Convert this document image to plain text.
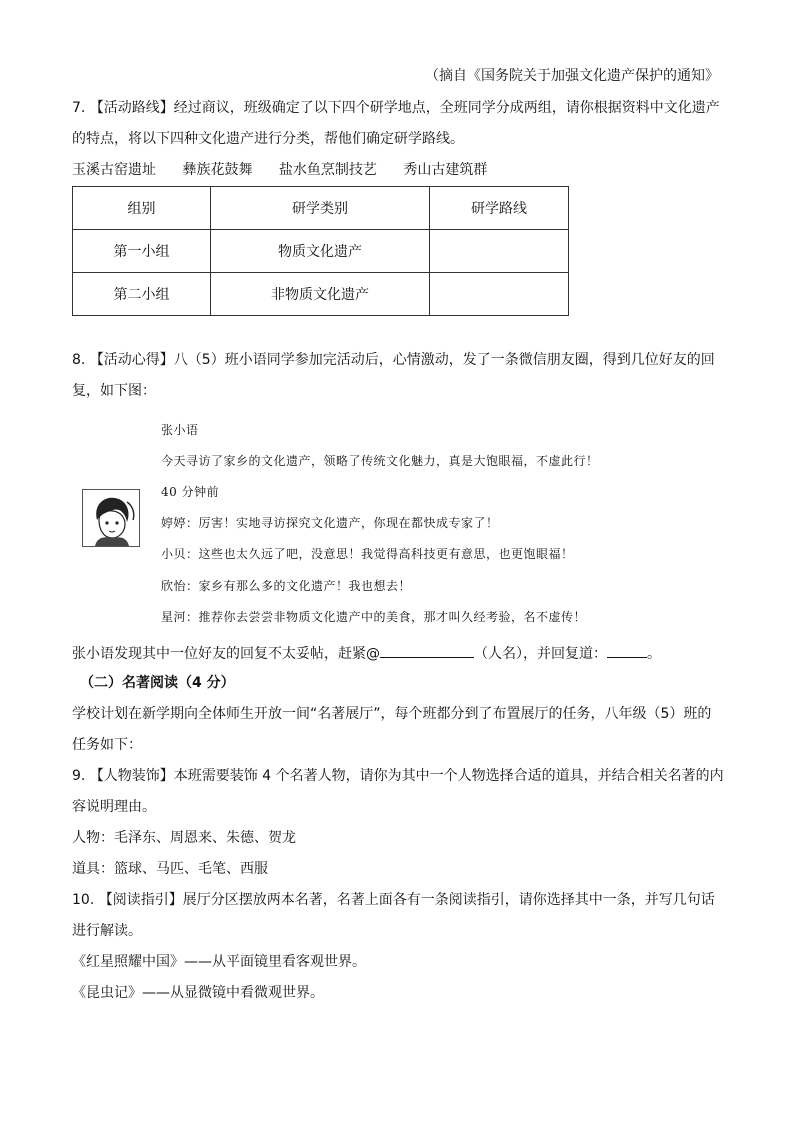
（摘自《国务院关于加强文化遗产保护的通知》
7. 【活动路线】经过商议，班级确定了以下四个研学地点，全班同学分成两组，请你根据资料中文化遗产
的特点，将以下四种文化遗产进行分类，帮他们确定研学路线。
玉溪古窑遗址 彝族花鼓舞 盐水鱼烹制技艺 秀山古建筑群
组别	研学类别	研学路线
第一小组	物质文化遗产	
第二小组	非物质文化遗产	
8. 【活动心得】八（5）班小语同学参加完活动后，心情激动，发了一条微信朋友圈，得到几位好友的回
复，如下图：
张小语
今天寻访了家乡的文化遗产，领略了传统文化魅力，真是大饱眼福，不虚此行！
40 分钟前
婷婷：厉害！实地寻访探究文化遗产，你现在都快成专家了！
小贝：这些也太久远了吧，没意思！我觉得高科技更有意思，也更饱眼福！
欣怡：家乡有那么多的文化遗产！我也想去！
星河：推荐你去尝尝非物质文化遗产中的美食，那才叫久经考验，名不虚传！
张小语发现其中一位好友的回复不太妥帖，赶紧@	（人名），并回复道：	。
（二）名著阅读（4 分）
学校计划在新学期向全体师生开放一间“名著展厅”，每个班都分到了布置展厅的任务，八年级（5）班的
任务如下：
9. 【人物装饰】本班需要装饰 4 个名著人物，请你为其中一个人物选择合适的道具，并结合相关名著的内
容说明理由。
人物：毛泽东、周恩来、朱德、贺龙
道具：篮球、马匹、毛笔、西服
10. 【阅读指引】展厅分区摆放两本名著，名著上面各有一条阅读指引，请你选择其中一条，并写几句话
进行解读。
《红星照耀中国》——从平面镜里看客观世界。
《昆虫记》——从显微镜中看微观世界。
